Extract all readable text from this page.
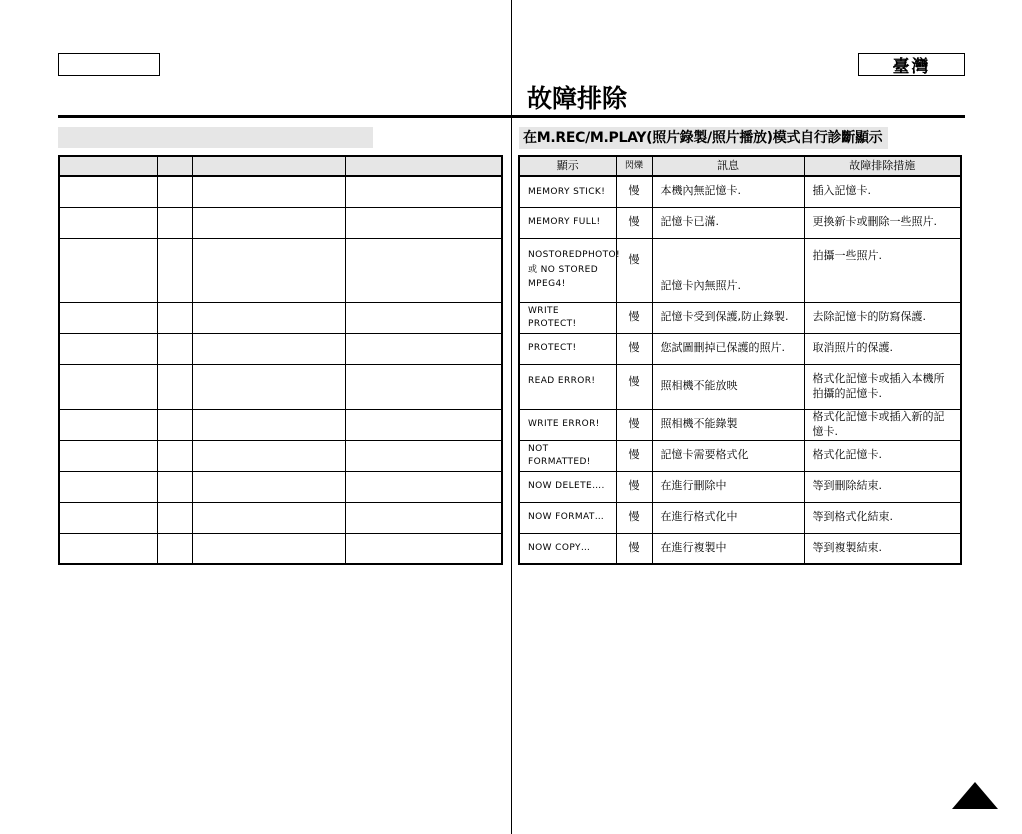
臺灣
故障排除
在M.REC/M.PLAY(照片錄製/照片播放)模式自行診斷顯示

顯示	閃爍	訊息	故障排除措施
MEMORY STICK!	慢	本機內無記憶卡.	插入記憶卡.
MEMORY FULL!	慢	記憶卡已滿.	更換新卡或刪除一些照片.
NOSTOREDPHOTO!
或 NO STORED
MPEG4!	慢	記憶卡內無照片.	拍攝一些照片.
WRITE PROTECT!	慢	記憶卡受到保護,防止錄製.	去除記憶卡的防寫保護.
PROTECT!	慢	您試圖刪掉已保護的照片.	取消照片的保護.
READ ERROR!	慢	照相機不能放映	格式化記憶卡或插入本機所拍攝的記憶卡.
WRITE ERROR!	慢	照相機不能錄製	格式化記憶卡或插入新的記憶卡.
NOT FORMATTED!	慢	記憶卡需要格式化	格式化記憶卡.
NOW DELETE….	慢	在進行刪除中	等到刪除結束.
NOW FORMAT…	慢	在進行格式化中	等到格式化結束.
NOW COPY…	慢	在進行複製中	等到複製結束.
